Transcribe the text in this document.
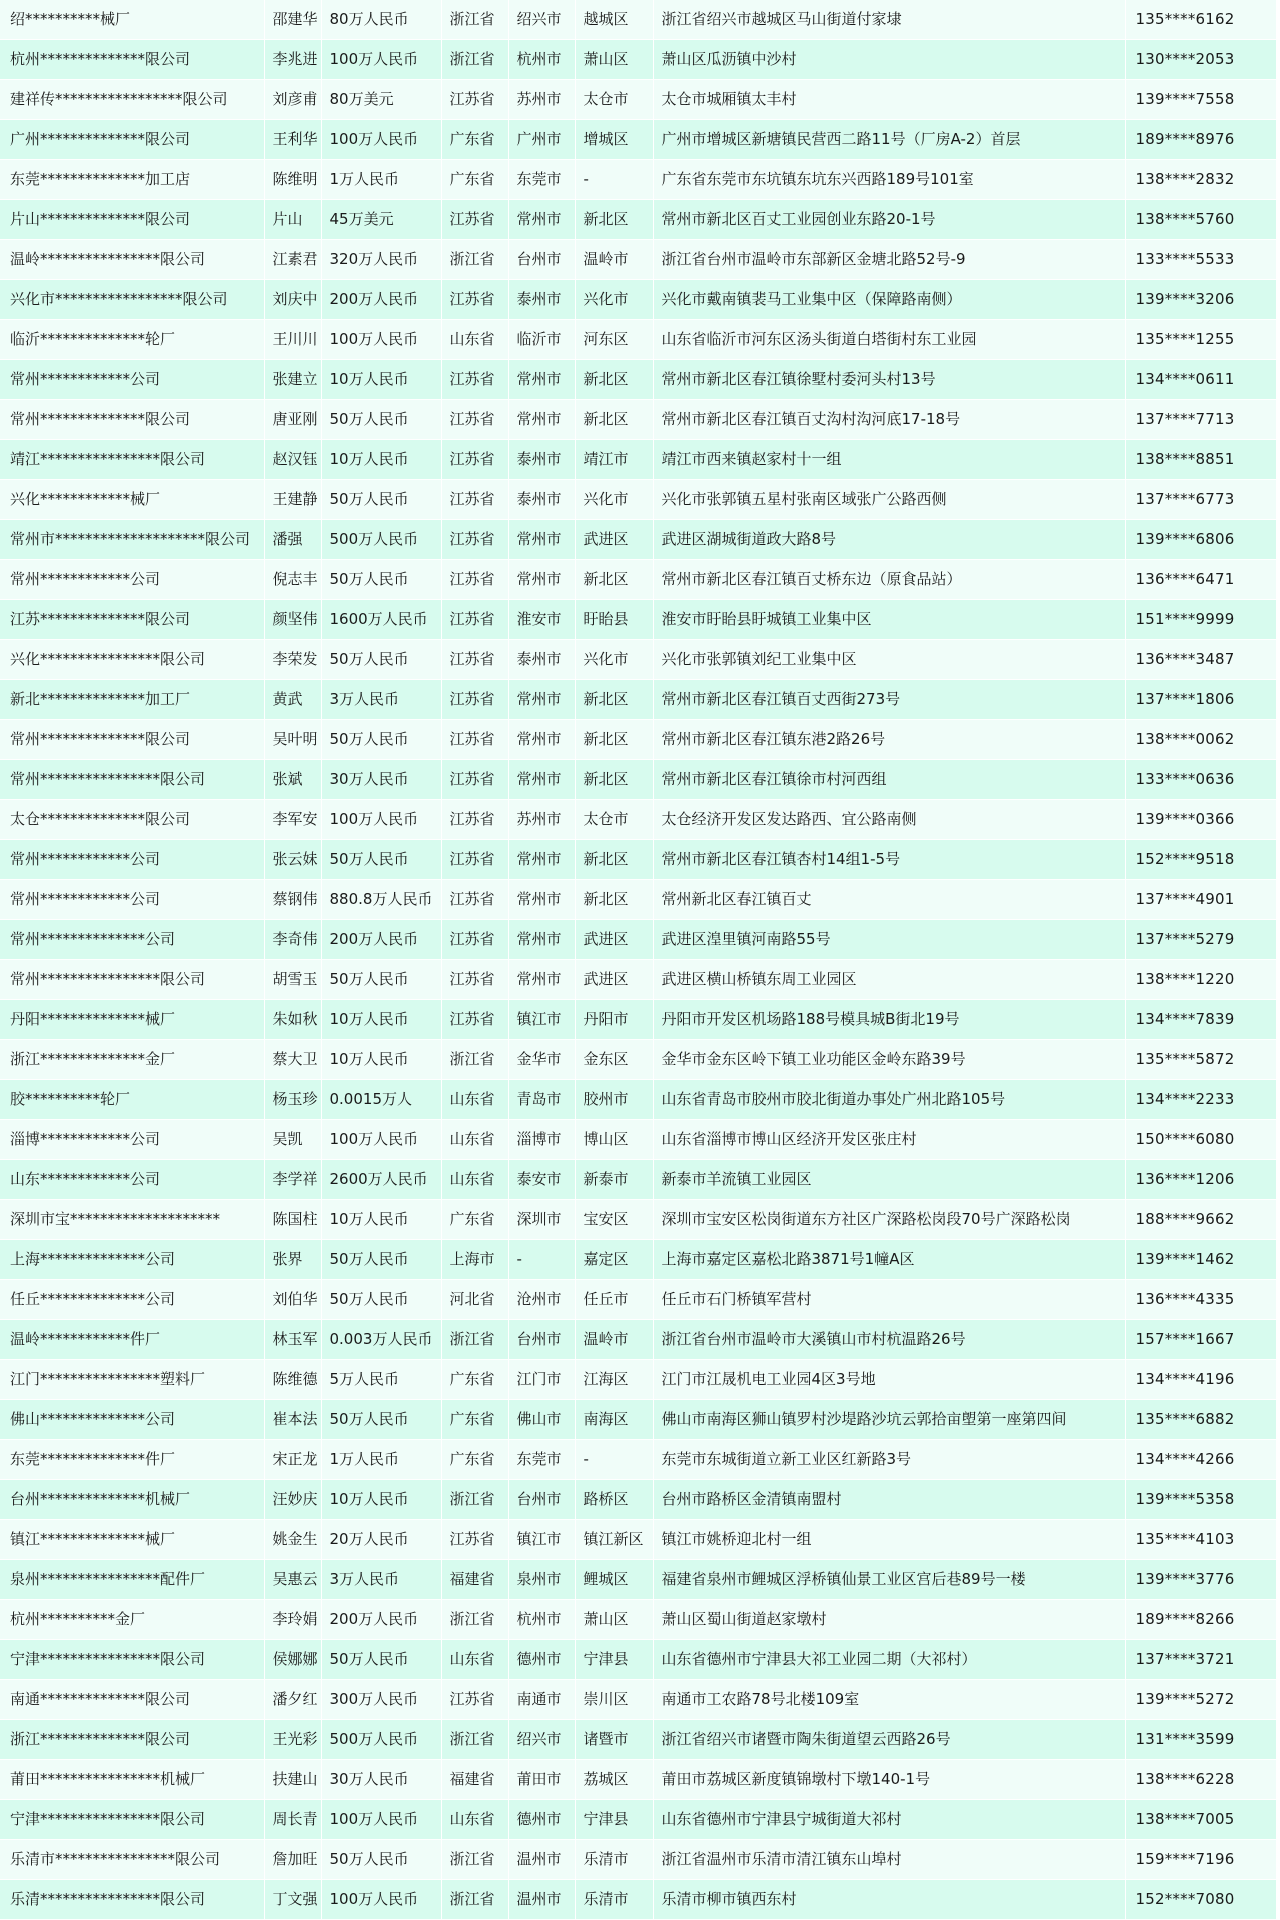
绍**********械厂	邵建华	80万人民币	浙江省	绍兴市	越城区	浙江省绍兴市越城区马山街道付家埭	135****6162
杭州**************限公司	李兆进	100万人民币	浙江省	杭州市	萧山区	萧山区瓜沥镇中沙村	130****2053
建祥传*****************限公司	刘彦甫	80万美元	江苏省	苏州市	太仓市	太仓市城厢镇太丰村	139****7558
广州**************限公司	王利华	100万人民币	广东省	广州市	增城区	广州市增城区新塘镇民营西二路11号（厂房A-2）首层	189****8976
东莞**************加工店	陈维明	1万人民币	广东省	东莞市	-	广东省东莞市东坑镇东坑东兴西路189号101室	138****2832
片山**************限公司	片山	45万美元	江苏省	常州市	新北区	常州市新北区百丈工业园创业东路20-1号	138****5760
温岭****************限公司	江素君	320万人民币	浙江省	台州市	温岭市	浙江省台州市温岭市东部新区金塘北路52号-9	133****5533
兴化市*****************限公司	刘庆中	200万人民币	江苏省	泰州市	兴化市	兴化市戴南镇裴马工业集中区（保障路南侧）	139****3206
临沂**************轮厂	王川川	100万人民币	山东省	临沂市	河东区	山东省临沂市河东区汤头街道白塔街村东工业园	135****1255
常州************公司	张建立	10万人民币	江苏省	常州市	新北区	常州市新北区春江镇徐墅村委河头村13号	134****0611
常州**************限公司	唐亚刚	50万人民币	江苏省	常州市	新北区	常州市新北区春江镇百丈沟村沟河底17-18号	137****7713
靖江****************限公司	赵汉钰	10万人民币	江苏省	泰州市	靖江市	靖江市西来镇赵家村十一组	138****8851
兴化************械厂	王建静	50万人民币	江苏省	泰州市	兴化市	兴化市张郭镇五星村张南区域张广公路西侧	137****6773
常州市********************限公司	潘强	500万人民币	江苏省	常州市	武进区	武进区湖城街道政大路8号	139****6806
常州************公司	倪志丰	50万人民币	江苏省	常州市	新北区	常州市新北区春江镇百丈桥东边（原食品站）	136****6471
江苏**************限公司	颜坚伟	1600万人民币	江苏省	淮安市	盱眙县	淮安市盱眙县盱城镇工业集中区	151****9999
兴化****************限公司	李荣发	50万人民币	江苏省	泰州市	兴化市	兴化市张郭镇刘纪工业集中区	136****3487
新北**************加工厂	黄武	3万人民币	江苏省	常州市	新北区	常州市新北区春江镇百丈西街273号	137****1806
常州**************限公司	吴叶明	50万人民币	江苏省	常州市	新北区	常州市新北区春江镇东港2路26号	138****0062
常州****************限公司	张斌	30万人民币	江苏省	常州市	新北区	常州市新北区春江镇徐市村河西组	133****0636
太仓**************限公司	李军安	100万人民币	江苏省	苏州市	太仓市	太仓经济开发区发达路西、宜公路南侧	139****0366
常州************公司	张云妹	50万人民币	江苏省	常州市	新北区	常州市新北区春江镇杏村14组1-5号	152****9518
常州************公司	蔡钢伟	880.8万人民币	江苏省	常州市	新北区	常州新北区春江镇百丈	137****4901
常州**************公司	李奇伟	200万人民币	江苏省	常州市	武进区	武进区湟里镇河南路55号	137****5279
常州****************限公司	胡雪玉	50万人民币	江苏省	常州市	武进区	武进区横山桥镇东周工业园区	138****1220
丹阳**************械厂	朱如秋	10万人民币	江苏省	镇江市	丹阳市	丹阳市开发区机场路188号模具城B街北19号	134****7839
浙江**************金厂	蔡大卫	10万人民币	浙江省	金华市	金东区	金华市金东区岭下镇工业功能区金岭东路39号	135****5872
胶**********轮厂	杨玉珍	0.0015万人	山东省	青岛市	胶州市	山东省青岛市胶州市胶北街道办事处广州北路105号	134****2233
淄博************公司	吴凯	100万人民币	山东省	淄博市	博山区	山东省淄博市博山区经济开发区张庄村	150****6080
山东************公司	李学祥	2600万人民币	山东省	泰安市	新泰市	新泰市羊流镇工业园区	136****1206
深圳市宝********************	陈国柱	10万人民币	广东省	深圳市	宝安区	深圳市宝安区松岗街道东方社区广深路松岗段70号广深路松岗	188****9662
上海**************公司	张界	50万人民币	上海市	-	嘉定区	上海市嘉定区嘉松北路3871号1幢A区	139****1462
任丘**************公司	刘伯华	50万人民币	河北省	沧州市	任丘市	任丘市石门桥镇军营村	136****4335
温岭************件厂	林玉军	0.003万人民币	浙江省	台州市	温岭市	浙江省台州市温岭市大溪镇山市村杭温路26号	157****1667
江门****************塑料厂	陈维德	5万人民币	广东省	江门市	江海区	江门市江晟机电工业园4区3号地	134****4196
佛山**************公司	崔本法	50万人民币	广东省	佛山市	南海区	佛山市南海区狮山镇罗村沙堤路沙坑云郭拾亩塱第一座第四间	135****6882
东莞**************件厂	宋正龙	1万人民币	广东省	东莞市	-	东莞市东城街道立新工业区红新路3号	134****4266
台州**************机械厂	汪妙庆	10万人民币	浙江省	台州市	路桥区	台州市路桥区金清镇南盟村	139****5358
镇江**************械厂	姚金生	20万人民币	江苏省	镇江市	镇江新区	镇江市姚桥迎北村一组	135****4103
泉州****************配件厂	吴惠云	3万人民币	福建省	泉州市	鲤城区	福建省泉州市鲤城区浮桥镇仙景工业区宫后巷89号一楼	139****3776
杭州**********金厂	李玲娟	200万人民币	浙江省	杭州市	萧山区	萧山区蜀山街道赵家墩村	189****8266
宁津****************限公司	侯娜娜	50万人民币	山东省	德州市	宁津县	山东省德州市宁津县大祁工业园二期（大祁村）	137****3721
南通**************限公司	潘夕红	300万人民币	江苏省	南通市	崇川区	南通市工农路78号北楼109室	139****5272
浙江**************限公司	王光彩	500万人民币	浙江省	绍兴市	诸暨市	浙江省绍兴市诸暨市陶朱街道望云西路26号	131****3599
莆田****************机械厂	扶建山	30万人民币	福建省	莆田市	荔城区	莆田市荔城区新度镇锦墩村下墩140-1号	138****6228
宁津****************限公司	周长青	100万人民币	山东省	德州市	宁津县	山东省德州市宁津县宁城街道大祁村	138****7005
乐清市****************限公司	詹加旺	50万人民币	浙江省	温州市	乐清市	浙江省温州市乐清市清江镇东山埠村	159****7196
乐清****************限公司	丁文强	100万人民币	浙江省	温州市	乐清市	乐清市柳市镇西东村	152****7080
